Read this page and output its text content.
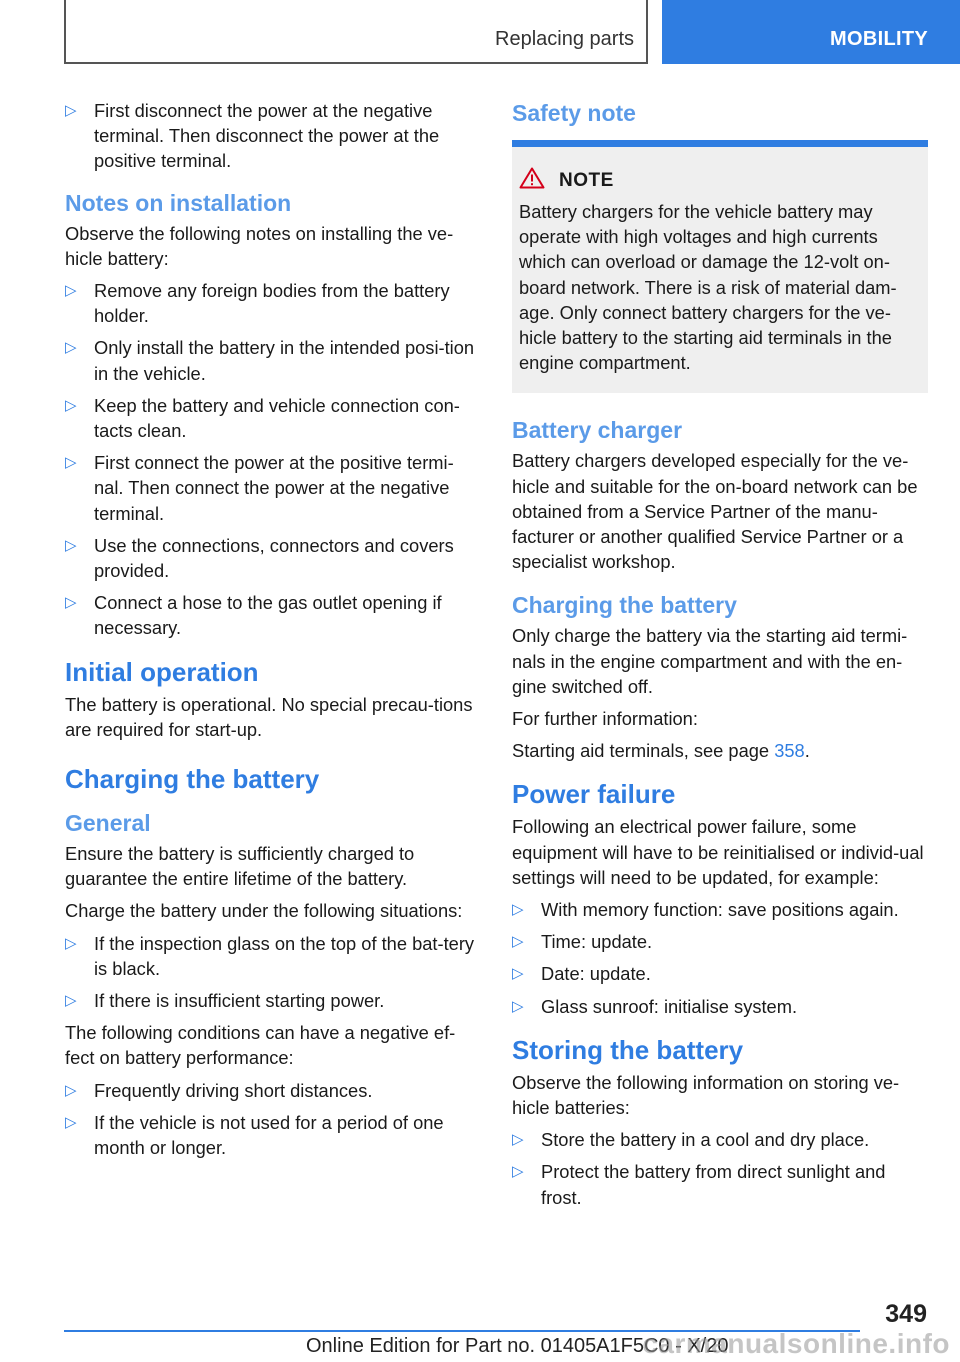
Replacing parts	MOBILITY
▷ First disconnect the power at the negative terminal. Then disconnect the power at the positive terminal.
Notes on installation

Observe the following notes on installing the ve-hicle battery:

▷ Remove any foreign bodies from the battery holder.
▷ Only install the battery in the intended posi-tion in the vehicle.
▷ Keep the battery and vehicle connection con-tacts clean.
▷ First connect the power at the positive termi-nal. Then connect the power at the negative terminal.
▷ Use the connections, connectors and covers provided.
▷ Connect a hose to the gas outlet opening if necessary.
Initial operation

The battery is operational. No special precau-tions are required for start-up.

Charging the battery
General

Ensure the battery is sufficiently charged to guarantee the entire lifetime of the battery.

Charge the battery under the following situations:

▷ If the inspection glass on the top of the bat-tery is black.
▷ If there is insufficient starting power.

The following conditions can have a negative ef-fect on battery performance:

▷ Frequently driving short distances.
▷ If the vehicle is not used for a period of one month or longer.
Safety note
NOTE

Battery chargers for the vehicle battery may operate with high voltages and high currents which can overload or damage the 12-volt on-board network. There is a risk of material dam-age. Only connect battery chargers for the ve-hicle battery to the starting aid terminals in the engine compartment.

Battery charger

Battery chargers developed especially for the ve-hicle and suitable for the on-board network can be obtained from a Service Partner of the manu-facturer or another qualified Service Partner or a specialist workshop.

Charging the battery

Only charge the battery via the starting aid termi-nals in the engine compartment and with the en-gine switched off.

For further information:

Starting aid terminals, see page 358.

Power failure

Following an electrical power failure, some equipment will have to be reinitialised or individ-ual settings will need to be updated, for example:

▷ With memory function: save positions again.
▷ Time: update.
▷ Date: update.
▷ Glass sunroof: initialise system.
Storing the battery

Observe the following information on storing ve-hicle batteries:

▷ Store the battery in a cool and dry place.
▷ Protect the battery from direct sunlight and frost.
349
Online Edition for Part no. 01405A1F5C0 - X/20
carmanualsonline.info
